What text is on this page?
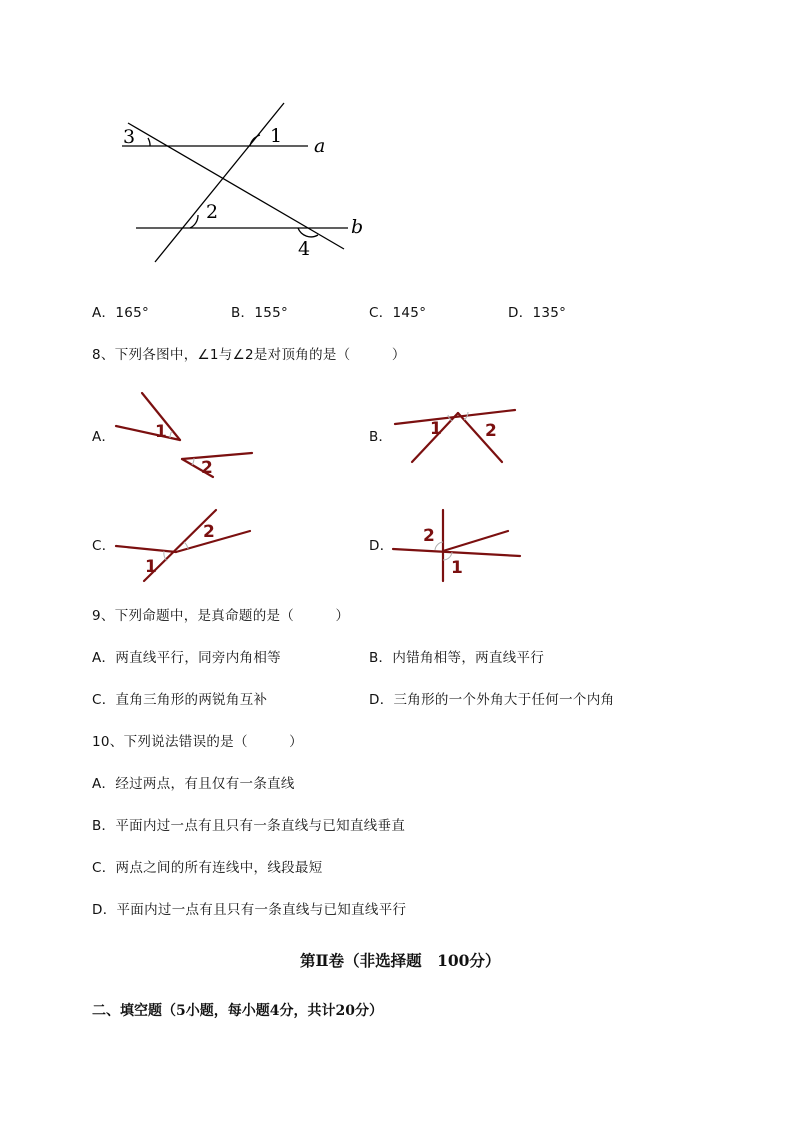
a
b
1
2
3
4
A．165°	B．155°	C．145°	D．135°
8、下列各图中，∠1与∠2是对顶角的是（　　　）
A． 1
2
B． 1	2
C．
1
2
D． 2
1
9、下列命题中，是真命题的是（　　　）
A．两直线平行，同旁内角相等	B．内错角相等，两直线平行
C．直角三角形的两锐角互补	D．三角形的一个外角大于任何一个内角
10、下列说法错误的是（　　　）
A．经过两点，有且仅有一条直线
B．平面内过一点有且只有一条直线与已知直线垂直
C．两点之间的所有连线中，线段最短
D．平面内过一点有且只有一条直线与已知直线平行
第Ⅱ卷（非选择题　100分）
二、填空题（5小题，每小题4分，共计20分）
